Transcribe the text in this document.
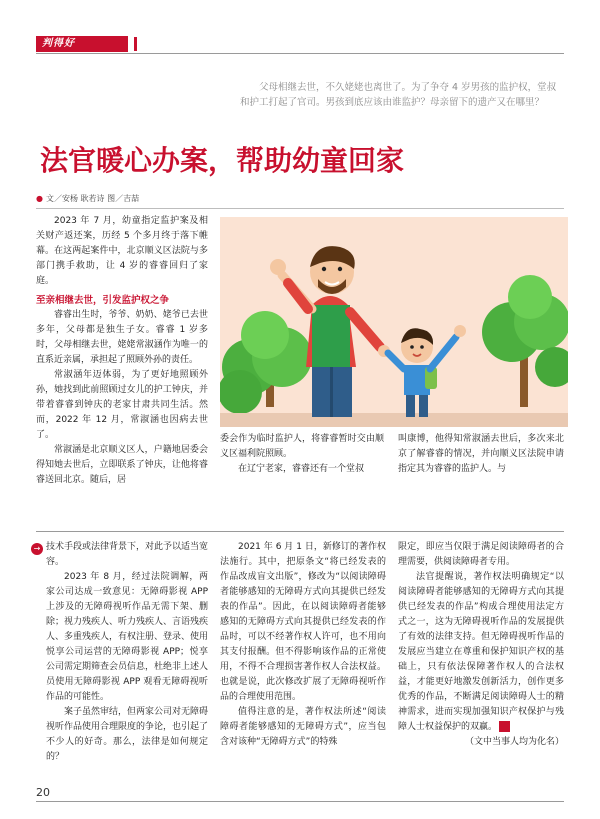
判得好 JUSTICE

父母相继去世，不久姥姥也离世了。为了争夺 4 岁男孩的监护权，堂叔和护工打起了官司。男孩到底应该由谁监护？母亲留下的遗产又在哪里？

法官暖心办案，帮助幼童回家
● 文／安杨 耿若诗 图／吉喆

2023 年 7 月，幼童指定监护案及相关财产返还案，历经 5 个多月终于落下帷幕。在这两起案件中，北京顺义区法院与多部门携手救助，让 4 岁的睿睿回归了家庭。

至亲相继去世，引发监护权之争

睿睿出生时，爷爷、奶奶、姥爷已去世多年，父母都是独生子女。睿睿 1 岁多时，父母相继去世，姥姥常淑涵作为唯一的直系近亲属，承担起了照顾外孙的责任。

常淑涵年迈体弱，为了更好地照顾外孙，她找到此前照顾过女儿的护工钟庆，并带着睿睿到钟庆的老家甘肃共同生活。然而，2022 年 12 月，常淑涵也因病去世了。

常淑涵是北京顺义区人，户籍地居委会得知她去世后，立即联系了钟庆，让他将睿睿送回北京。随后，居

委会作为临时监护人，将睿睿暂时交由顺义区福利院照顾。

在辽宁老家，睿睿还有一个堂叔

叫康博，他得知常淑涵去世后，多次来北京了解睿睿的情况，并向顺义区法院申请指定其为睿睿的监护人。与

→ 技术手段或法律背景下，对此予以适当宽容。

2023 年 8 月，经过法院调解，两家公司达成一致意见：无障碍影视 APP 上涉及的无障碍视听作品无需下架、删除；视力残疾人、听力残疾人、言语残疾人、多重残疾人，有权注册、登录、使用悦享公司运营的无障碍影视 APP；悦享公司需定期筛查会员信息，杜绝非上述人员使用无障碍影视 APP 观看无障碍视听作品的可能性。

案子虽然审结，但两家公司对无障碍视听作品使用合理限度的争论，也引起了不少人的好奇。那么，法律是如何规定的？

2021 年 6 月 1 日，新修订的著作权法施行。其中，把原条文“将已经发表的作品改成盲文出版”，修改为“以阅读障碍者能够感知的无障碍方式向其提供已经发表的作品”。因此，在以阅读障碍者能够感知的无障碍方式向其提供已经发表的作品时，可以不经著作权人许可，也不用向其支付报酬。但不得影响该作品的正常使用，不得不合理损害著作权人合法权益。也就是说，此次修改扩展了无障碍视听作品的合理使用范围。

值得注意的是，著作权法所述“阅读障碍者能够感知的无障碍方式”，应当包含对该种“无障碍方式”的特殊

限定，即应当仅限于满足阅读障碍者的合理需要，供阅读障碍者专用。

法官提醒说，著作权法明确规定“以阅读障碍者能够感知的无障碍方式向其提供已经发表的作品”构成合理使用法定方式之一，这为无障碍视听作品的发展提供了有效的法律支持。但无障碍视听作品的发展应当建立在尊重和保护知识产权的基础上，只有依法保障著作权人的合法权益，才能更好地激发创新活力，创作更多优秀的作品，不断满足阅读障碍人士的精神需求，进而实现加强知识产权保护与残障人士权益保护的双赢。	纠

（文中当事人均为化名）

20
